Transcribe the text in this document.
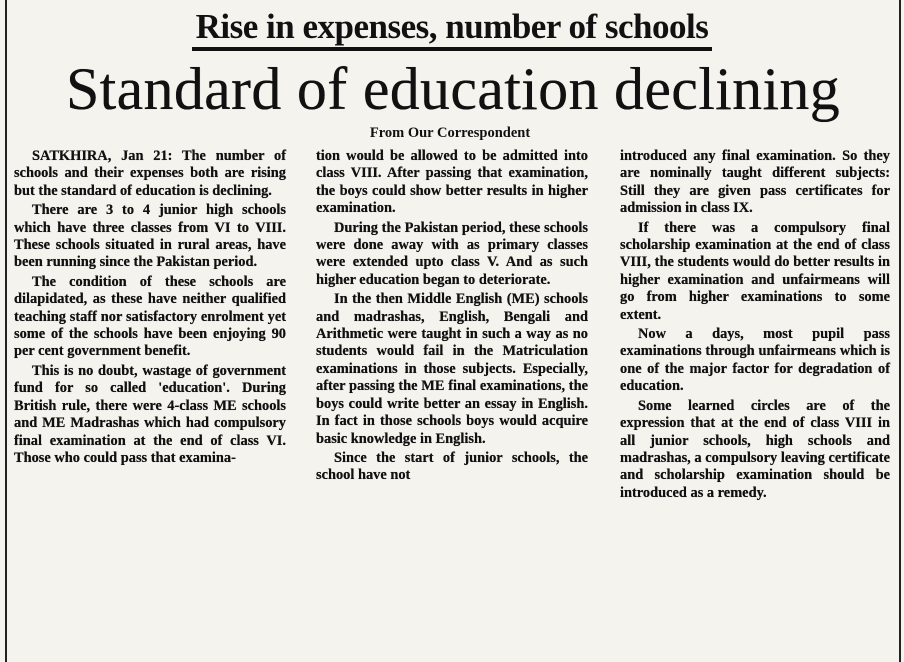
Rise in expenses, number of schools
Standard of education declining
From Our Correspondent

SATKHIRA, Jan 21: The number of schools and their expenses both are rising but the standard of education is declining.

There are 3 to 4 junior high schools which have three classes from VI to VIII. These schools situated in rural areas, have been running since the Pakistan period.

The condition of these schools are dilapidated, as these have neither qualified teaching staff nor satisfactory enrolment yet some of the schools have been enjoying 90 per cent government benefit.

This is no doubt, wastage of government fund for so called 'education'. During British rule, there were 4-class ME schools and ME Madrashas which had compulsory final examination at the end of class VI. Those who could pass that examina-

tion would be allowed to be admitted into class VIII. After passing that examination, the boys could show better results in higher examination.

During the Pakistan period, these schools were done away with as primary classes were extended upto class V. And as such higher education began to deteriorate.

In the then Middle English (ME) schools and madrashas, English, Bengali and Arithmetic were taught in such a way as no students would fail in the Matriculation examinations in those subjects. Especially, after passing the ME final examinations, the boys could write better an essay in English. In fact in those schools boys would acquire basic knowledge in English.

Since the start of junior schools, the school have not

introduced any final examination. So they are nominally taught different subjects: Still they are given pass certificates for admission in class IX.

If there was a compulsory final scholarship examination at the end of class VIII, the students would do better results in higher examination and unfairmeans will go from higher examinations to some extent.

Now a days, most pupil pass examinations through unfairmeans which is one of the major factor for degradation of education.

Some learned circles are of the expression that at the end of class VIII in all junior schools, high schools and madrashas, a compulsory leaving certificate and scholarship examination should be introduced as a remedy.
